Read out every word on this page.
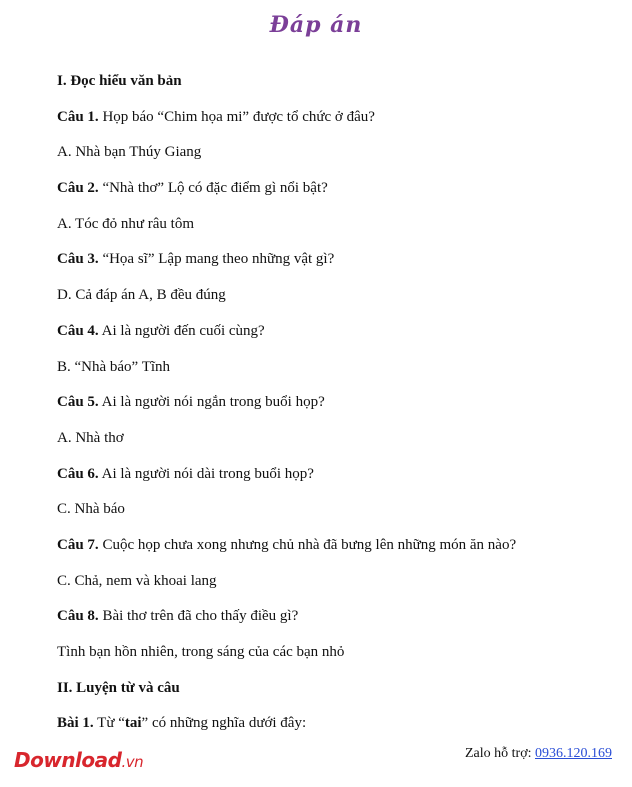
Đáp án
I. Đọc hiểu văn bản
Câu 1. Họp báo “Chim họa mi” được tổ chức ở đâu?
A. Nhà bạn Thúy Giang
Câu 2. “Nhà thơ” Lộ có đặc điểm gì nổi bật?
A. Tóc đỏ như râu tôm
Câu 3. “Họa sĩ” Lập mang theo những vật gì?
D. Cả đáp án A, B đều đúng
Câu 4. Ai là người đến cuối cùng?
B. “Nhà báo” Tĩnh
Câu 5. Ai là người nói ngắn trong buổi họp?
A. Nhà thơ
Câu 6. Ai là người nói dài trong buổi họp?
C. Nhà báo
Câu 7. Cuộc họp chưa xong nhưng chủ nhà đã bưng lên những món ăn nào?
C. Chả, nem và khoai lang
Câu 8. Bài thơ trên đã cho thấy điều gì?
Tình bạn hồn nhiên, trong sáng của các bạn nhỏ
II. Luyện từ và câu
Bài 1. Từ “tai” có những nghĩa dưới đây:
Download.vn	Zalo hỗ trợ: 0936.120.169
